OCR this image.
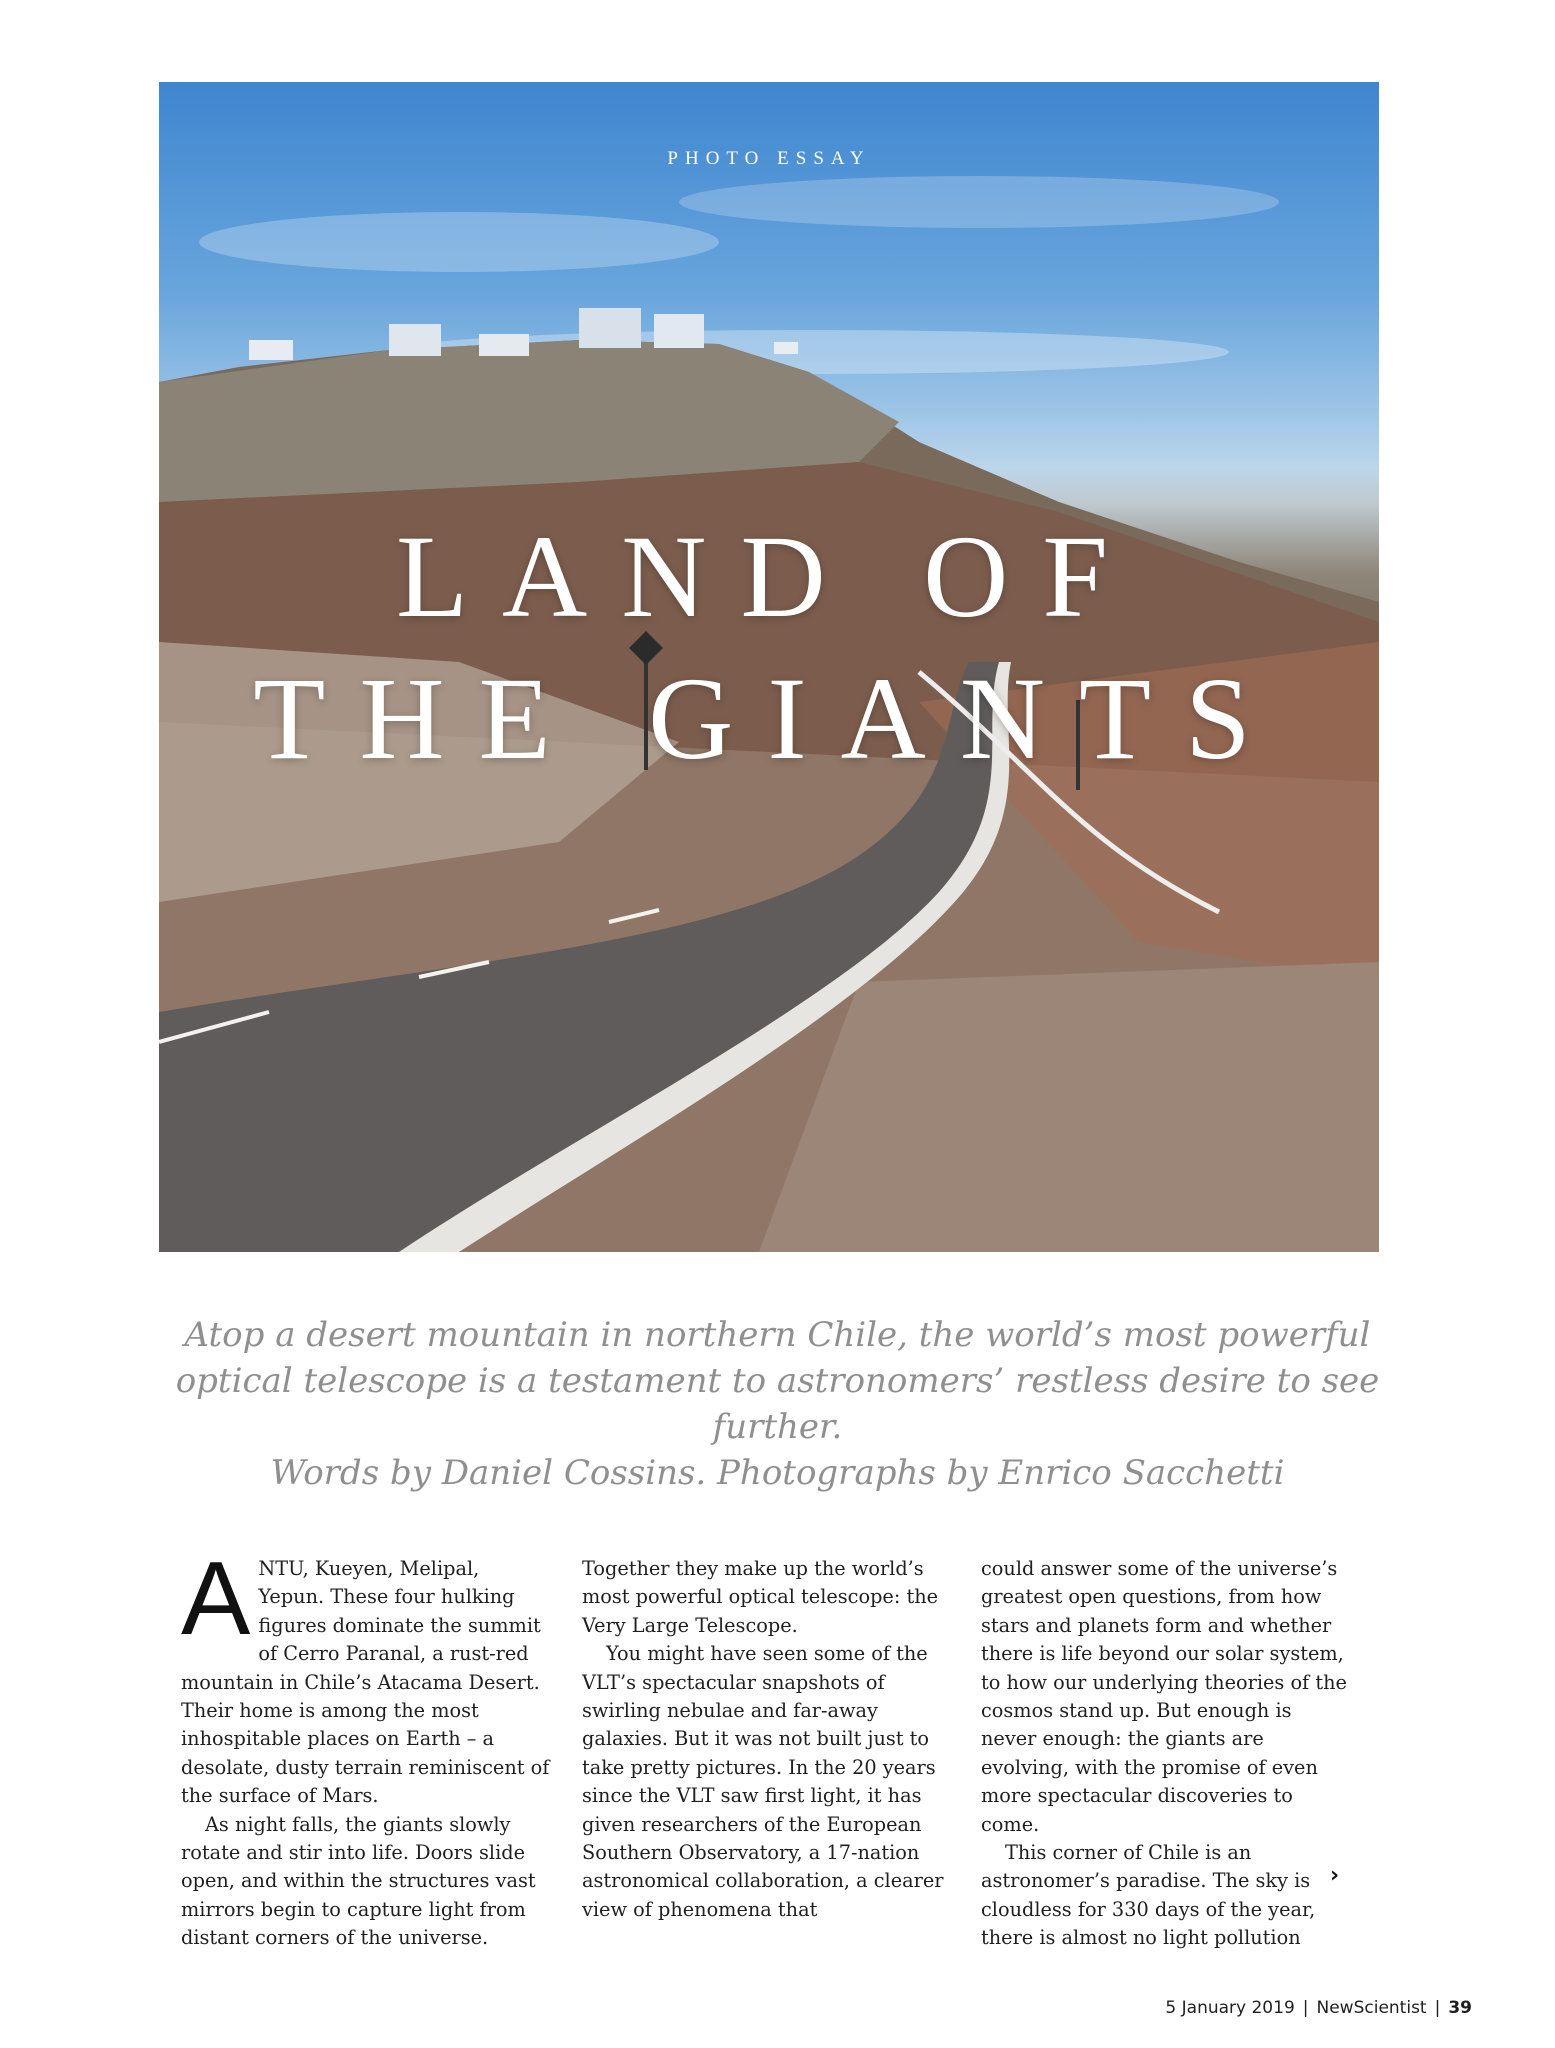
PHOTO ESSAY
LAND OF
THE GIANTS
Atop a desert mountain in northern Chile, the world’s most powerful optical telescope is a testament to astronomers’ restless desire to see further.
Words by Daniel Cossins. Photographs by Enrico Sacchetti
A NTU, Kueyen, Melipal, Yepun. These four hulking figures dominate the summit of Cerro Paranal, a rust-red mountain in Chile’s Atacama Desert. Their home is among the most inhospitable places on Earth – a desolate, dusty terrain reminiscent of the surface of Mars.

As night falls, the giants slowly rotate and stir into life. Doors slide open, and within the structures vast mirrors begin to capture light from distant corners of the universe.

Together they make up the world’s most powerful optical telescope: the Very Large Telescope.

You might have seen some of the VLT’s spectacular snapshots of swirling nebulae and far-away galaxies. But it was not built just to take pretty pictures. In the 20 years since the VLT saw first light, it has given researchers of the European Southern Observatory, a 17-nation astronomical collaboration, a clearer view of phenomena that

could answer some of the universe’s greatest open questions, from how stars and planets form and whether there is life beyond our solar system, to how our underlying theories of the cosmos stand up. But enough is never enough: the giants are evolving, with the promise of even more spectacular discoveries to come.

This corner of Chile is an astronomer’s paradise. The sky is cloudless for 330 days of the year, there is almost no light pollution

›
5 January 2019 | NewScientist | 39
